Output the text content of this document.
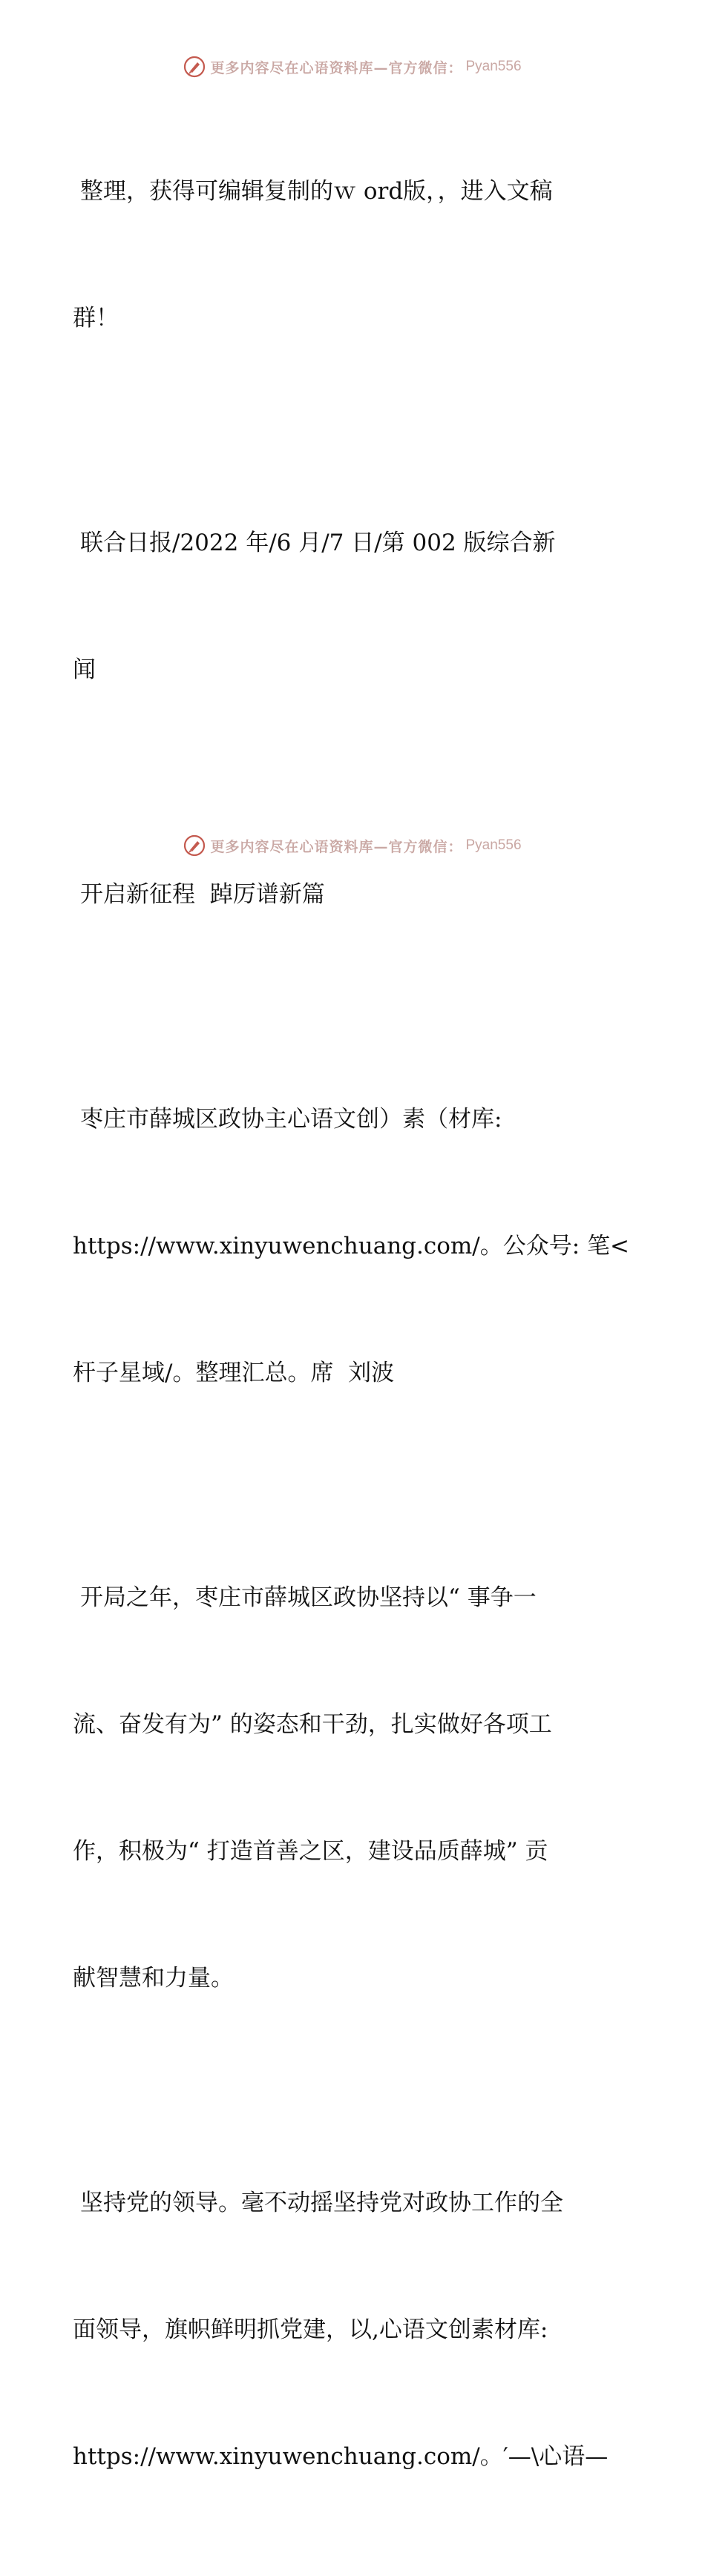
更多内容尽在心语资料库—官方微信： Pyan556

整理，获得可编辑复制的ｗ ord版，，进入文稿

群！

联合日报/2022 年/6 月/7 日/第 002 版综合新

闻

开启新征程  踔厉谱新篇

枣庄市薛城区政协主心语文创）素（材库:

https://www.xinyuwenchuang.com/。公众号: 笔<

杆子星域/。整理汇总。席  刘波

开局之年，枣庄市薛城区政协坚持以“ 事争一

流、奋发有为” 的姿态和干劲，扎实做好各项工

作，积极为“ 打造首善之区，建设品质薛城” 贡

献智慧和力量。

坚持党的领导。毫不动摇坚持党对政协工作的全

面领导，旗帜鲜明抓党建，以,心语文创素材库:

https://www.xinyuwenchuang.com/。′—\心语—

更多内容尽在心语资料库—官方微信： Pyan556
